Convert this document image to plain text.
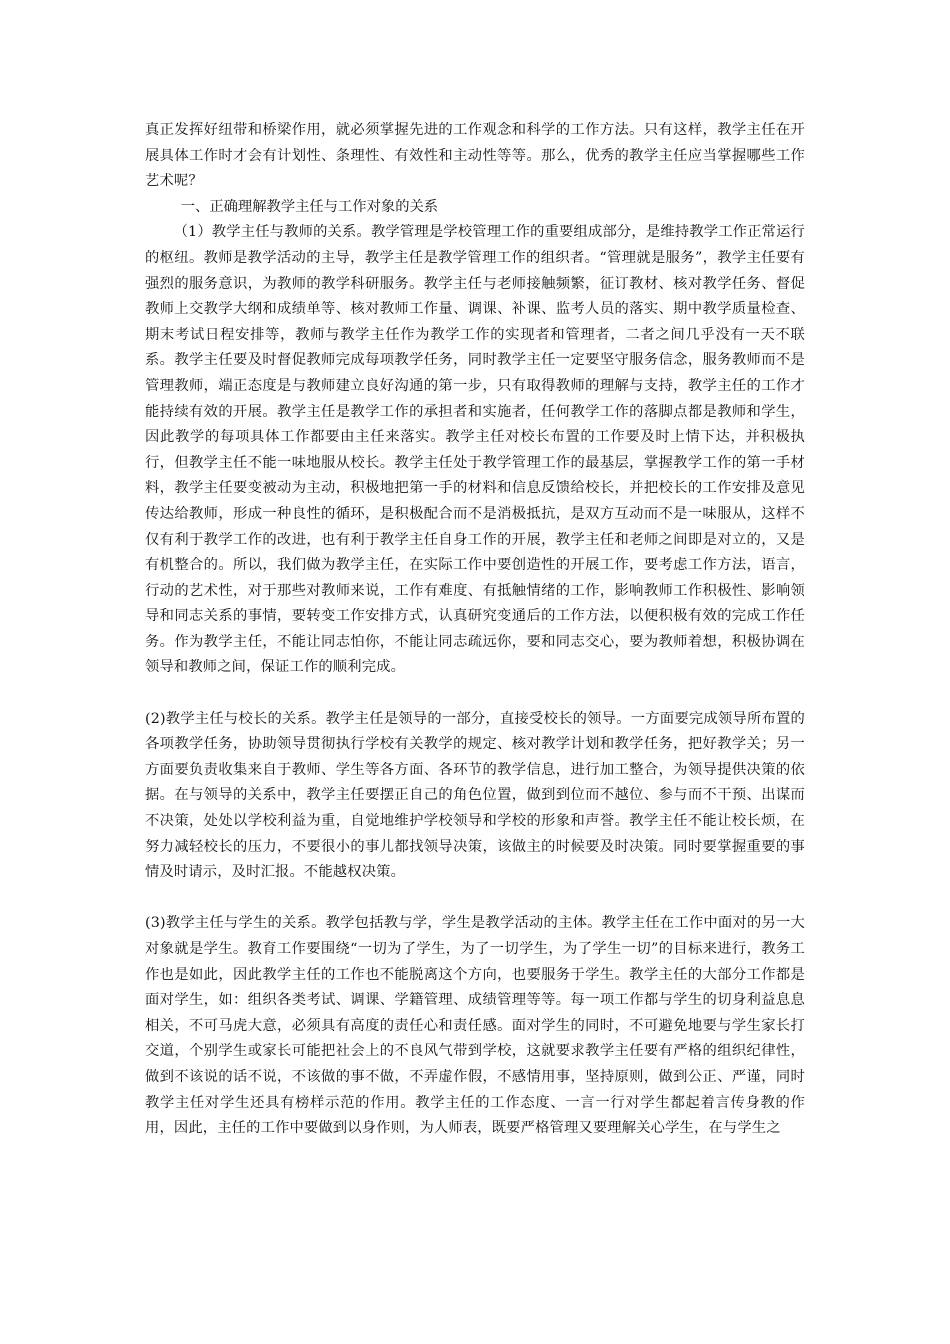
真正发挥好纽带和桥梁作用，就必须掌握先进的工作观念和科学的工作方法。只有这样，教学主任在开展具体工作时才会有计划性、条理性、有效性和主动性等等。那么，优秀的教学主任应当掌握哪些工作艺术呢？

一、正确理解教学主任与工作对象的关系

（1）教学主任与教师的关系。教学管理是学校管理工作的重要组成部分，是维持教学工作正常运行的枢纽。教师是教学活动的主导，教学主任是教学管理工作的组织者。“管理就是服务”，教学主任要有强烈的服务意识，为教师的教学科研服务。教学主任与老师接触频繁，征订教材、核对教学任务、督促教师上交教学大纲和成绩单等、核对教师工作量、调课、补课、监考人员的落实、期中教学质量检查、期末考试日程安排等，教师与教学主任作为教学工作的实现者和管理者，二者之间几乎没有一天不联系。教学主任要及时督促教师完成每项教学任务，同时教学主任一定要坚守服务信念，服务教师而不是管理教师，端正态度是与教师建立良好沟通的第一步，只有取得教师的理解与支持，教学主任的工作才能持续有效的开展。教学主任是教学工作的承担者和实施者，任何教学工作的落脚点都是教师和学生，因此教学的每项具体工作都要由主任来落实。教学主任对校长布置的工作要及时上情下达，并积极执行，但教学主任不能一味地服从校长。教学主任处于教学管理工作的最基层，掌握教学工作的第一手材料，教学主任要变被动为主动，积极地把第一手的材料和信息反馈给校长，并把校长的工作安排及意见传达给教师，形成一种良性的循环，是积极配合而不是消极抵抗，是双方互动而不是一味服从，这样不仅有利于教学工作的改进，也有利于教学主任自身工作的开展，教学主任和老师之间即是对立的，又是有机整合的。所以，我们做为教学主任，在实际工作中要创造性的开展工作，要考虑工作方法，语言，行动的艺术性，对于那些对教师来说，工作有难度、有抵触情绪的工作，影响教师工作积极性、影响领导和同志关系的事情，要转变工作安排方式，认真研究变通后的工作方法，以便积极有效的完成工作任务。作为教学主任，不能让同志怕你，不能让同志疏远你，要和同志交心，要为教师着想，积极协调在领导和教师之间，保证工作的顺利完成。

(2)教学主任与校长的关系。教学主任是领导的一部分，直接受校长的领导。一方面要完成领导所布置的各项教学任务，协助领导贯彻执行学校有关教学的规定、核对教学计划和教学任务，把好教学关；另一方面要负责收集来自于教师、学生等各方面、各环节的教学信息，进行加工整合，为领导提供决策的依据。在与领导的关系中，教学主任要摆正自己的角色位置，做到到位而不越位、参与而不干预、出谋而不决策，处处以学校利益为重，自觉地维护学校领导和学校的形象和声誉。教学主任不能让校长烦，在努力减轻校长的压力，不要很小的事儿都找领导决策，该做主的时候要及时决策。同时要掌握重要的事情及时请示，及时汇报。不能越权决策。

(3)教学主任与学生的关系。教学包括教与学，学生是教学活动的主体。教学主任在工作中面对的另一大对象就是学生。教育工作要围绕“一切为了学生，为了一切学生，为了学生一切”的目标来进行，教务工作也是如此，因此教学主任的工作也不能脱离这个方向，也要服务于学生。教学主任的大部分工作都是面对学生，如：组织各类考试、调课、学籍管理、成绩管理等等。每一项工作都与学生的切身利益息息相关，不可马虎大意，必须具有高度的责任心和责任感。面对学生的同时，不可避免地要与学生家长打交道，个别学生或家长可能把社会上的不良风气带到学校，这就要求教学主任要有严格的组织纪律性，做到不该说的话不说，不该做的事不做，不弄虚作假，不感情用事，坚持原则，做到公正、严谨，同时教学主任对学生还具有榜样示范的作用。教学主任的工作态度、一言一行对学生都起着言传身教的作用，因此，主任的工作中要做到以身作则，为人师表，既要严格管理又要理解关心学生，在与学生之
